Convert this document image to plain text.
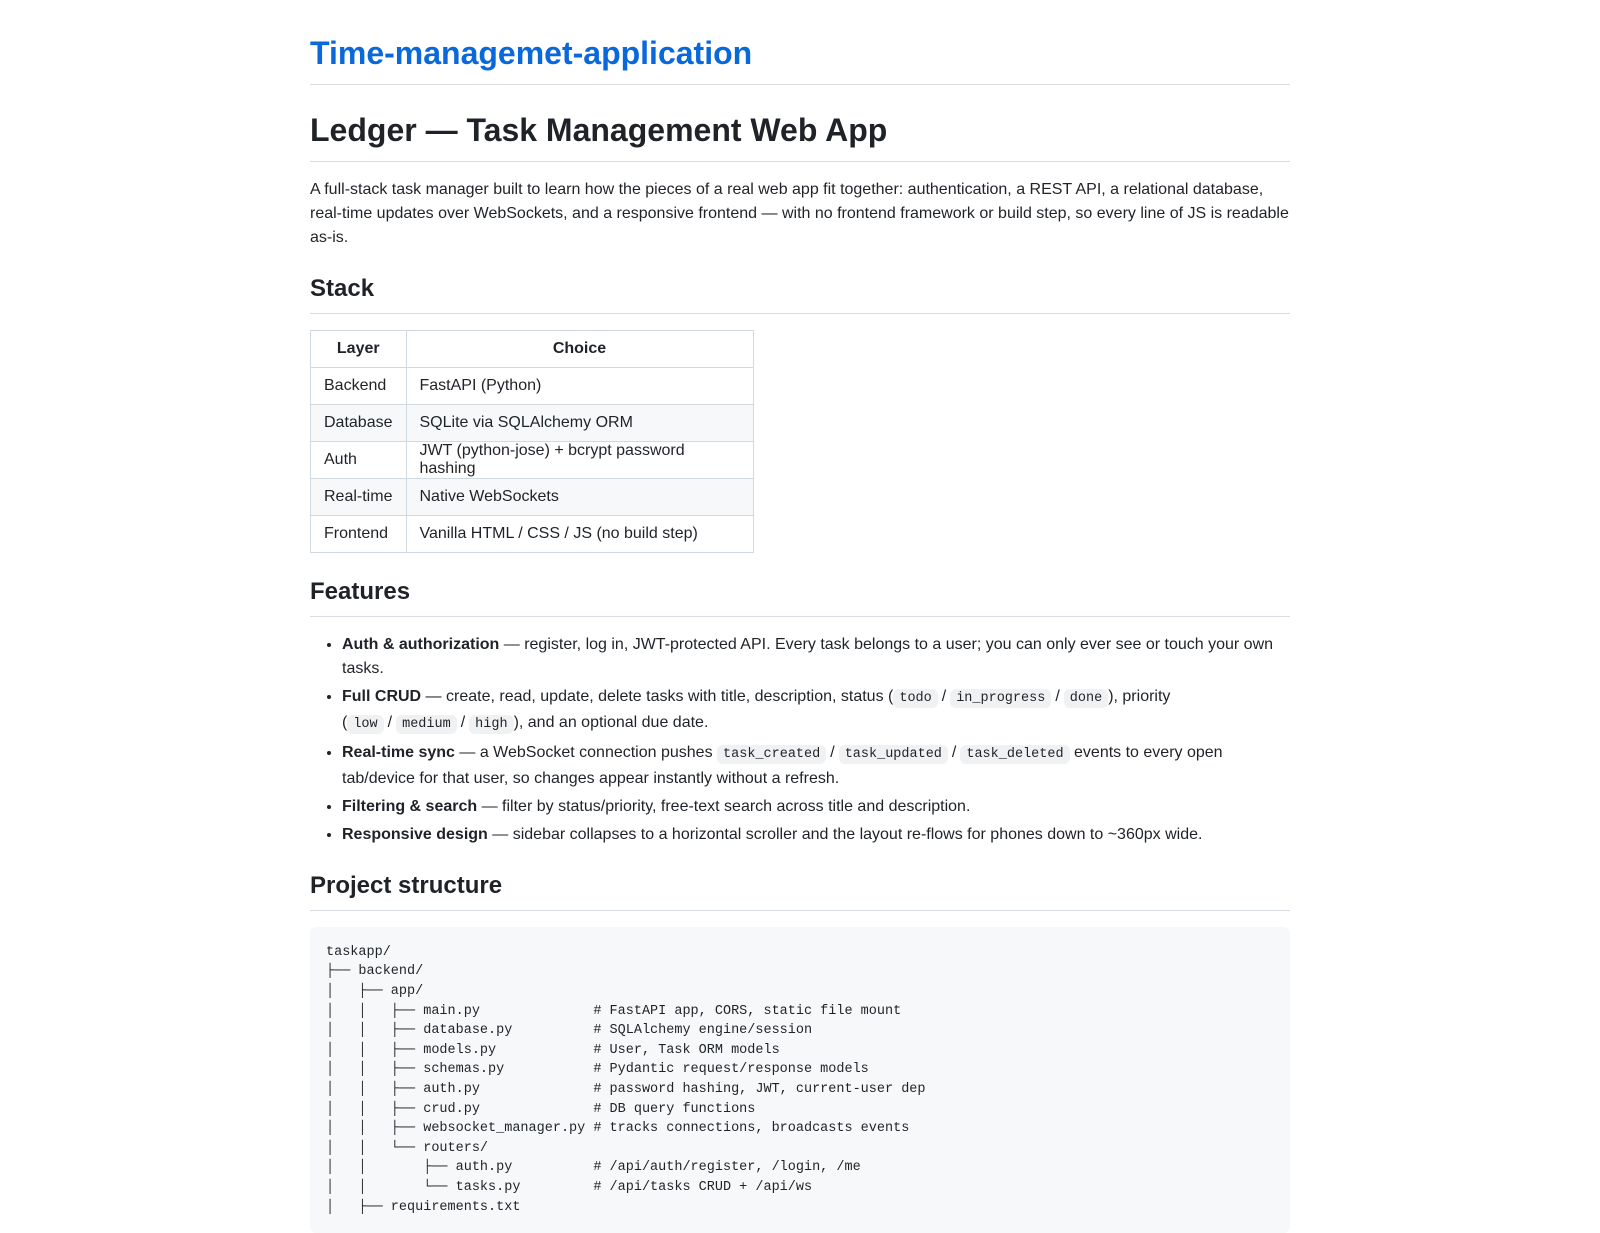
Time-managemet-application
Ledger — Task Management Web App

A full-stack task manager built to learn how the pieces of a real web app fit together: authentication, a REST API, a relational database, real-time updates over WebSockets, and a responsive frontend — with no frontend framework or build step, so every line of JS is readable as-is.

Stack
Layer	Choice
Backend	FastAPI (Python)
Database	SQLite via SQLAlchemy ORM
Auth	JWT (python-jose) + bcrypt password hashing
Real-time	Native WebSockets
Frontend	Vanilla HTML / CSS / JS (no build step)
Features
• Auth & authorization — register, log in, JWT-protected API. Every task belongs to a user; you can only ever see or touch your own tasks.
• Full CRUD — create, read, update, delete tasks with title, description, status ( todo / in_progress / done ), priority ( low / medium / high ), and an optional due date.
• Real-time sync — a WebSocket connection pushes task_created / task_updated / task_deleted events to every open tab/device for that user, so changes appear instantly without a refresh.
• Filtering & search — filter by status/priority, free-text search across title and description.
• Responsive design — sidebar collapses to a horizontal scroller and the layout re-flows for phones down to ~360px wide.
Project structure
taskapp/
├── backend/
│   ├── app/
│   │   ├── main.py              # FastAPI app, CORS, static file mount
│   │   ├── database.py          # SQLAlchemy engine/session
│   │   ├── models.py            # User, Task ORM models
│   │   ├── schemas.py           # Pydantic request/response models
│   │   ├── auth.py              # password hashing, JWT, current-user dep
│   │   ├── crud.py              # DB query functions
│   │   ├── websocket_manager.py # tracks connections, broadcasts events
│   │   └── routers/
│   │       ├── auth.py          # /api/auth/register, /login, /me
│   │       └── tasks.py         # /api/tasks CRUD + /api/ws
│   ├── requirements.txt
